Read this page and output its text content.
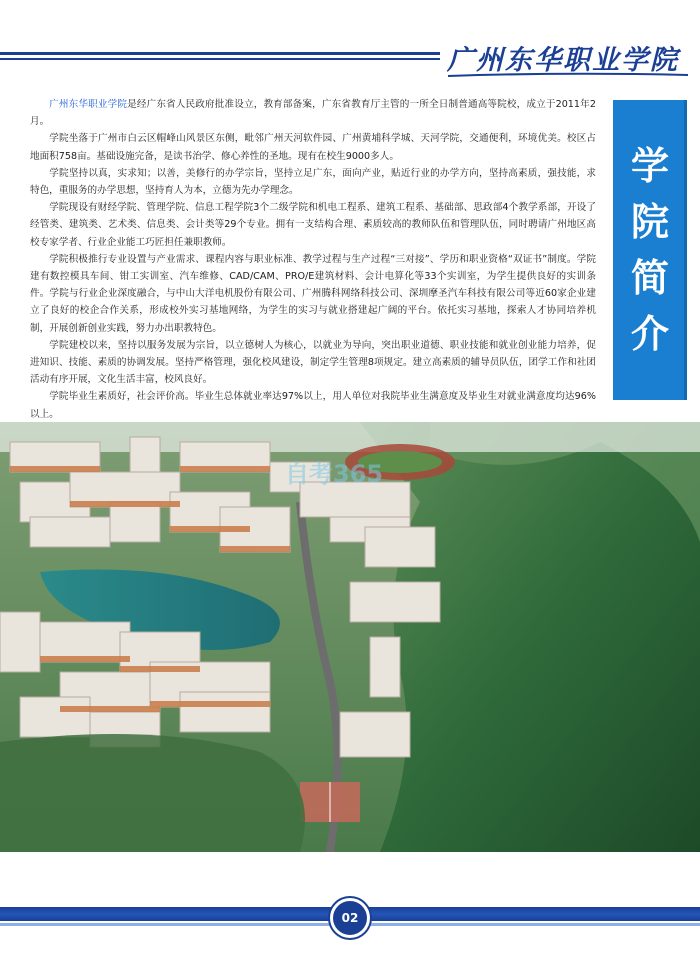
广州东华职业学院

广州东华职业学院是经广东省人民政府批准设立，教育部备案，广东省教育厅主管的一所全日制普通高等院校，成立于2011年2月。

学院坐落于广州市白云区帽峰山风景区东侧，毗邻广州天河软件园、广州黄埔科学城、天河学院，交通便利，环境优美。校区占地面积758亩。基础设施完备，是读书治学、修心养性的圣地。现有在校生9000多人。

学院坚持以真，实求知；以善，美修行的办学宗旨，坚持立足广东，面向产业，贴近行业的办学方向，坚持高素质，强技能，求特色，重服务的办学思想，坚持育人为本，立德为先办学理念。

学院现设有财经学院、管理学院、信息工程学院3个二级学院和机电工程系、建筑工程系、基础部、思政部4个教学系部，开设了经管类、建筑类、艺术类、信息类、会计类等29个专业。拥有一支结构合理、素质较高的教师队伍和管理队伍，同时聘请广州地区高校专家学者、行业企业能工巧匠担任兼职教师。

学院积极推行专业设置与产业需求、课程内容与职业标准、教学过程与生产过程“三对接”、学历和职业资格“双证书”制度。学院建有数控模具车间、钳工实训室、汽车维修、CAD/CAM、PRO/E建筑材料、会计电算化等33个实训室，为学生提供良好的实训条件。学院与行业企业深度融合，与中山大洋电机股份有限公司、广州腾科网络科技公司、深圳摩圣汽车科技有限公司等近60家企业建立了良好的校企合作关系，形成校外实习基地网络，为学生的实习与就业搭建起广阔的平台。依托实习基地，探索人才协同培养机制，开展创新创业实践，努力办出职教特色。

学院建校以来，坚持以服务发展为宗旨，以立德树人为核心，以就业为导向，突出职业道德、职业技能和就业创业能力培养，促进知识、技能、素质的协调发展。坚持严格管理，强化校风建设，制定学生管理8项规定。建立高素质的辅导员队伍，团学工作和社团活动有序开展，文化生活丰富，校风良好。

学院毕业生素质好，社会评价高。毕业生总体就业率达97%以上，用人单位对我院毕业生满意度及毕业生对就业满意度均达96%以上。

学
院
简
介
自考365
02
